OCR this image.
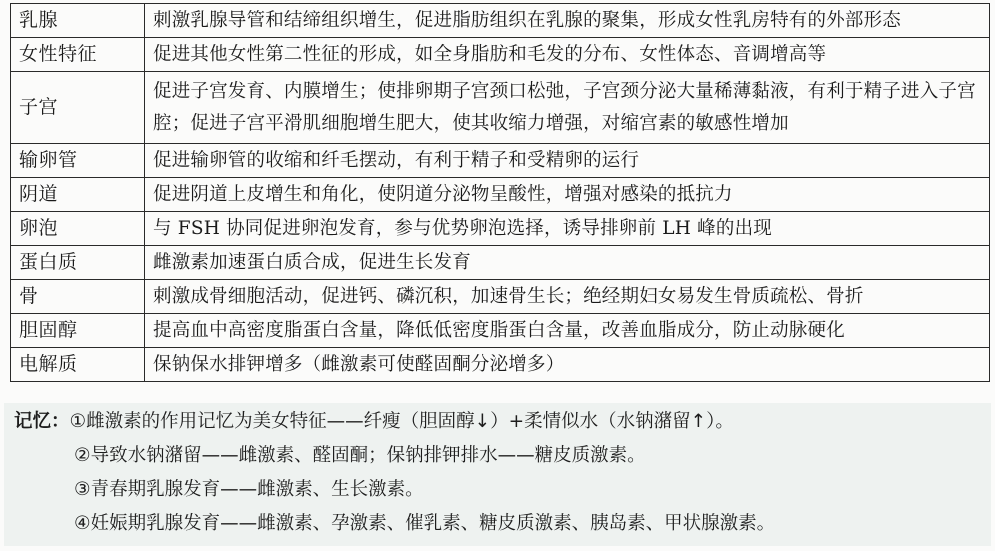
乳腺	刺激乳腺导管和结缔组织增生，促进脂肪组织在乳腺的聚集，形成女性乳房特有的外部形态
女性特征	促进其他女性第二性征的形成，如全身脂肪和毛发的分布、女性体态、音调增高等
子宫	促进子宫发育、内膜增生；使排卵期子宫颈口松弛，子宫颈分泌大量稀薄黏液，有利于精子进入子宫腔；促进子宫平滑肌细胞增生肥大，使其收缩力增强，对缩宫素的敏感性增加
输卵管	促进输卵管的收缩和纤毛摆动，有利于精子和受精卵的运行
阴道	促进阴道上皮增生和角化，使阴道分泌物呈酸性，增强对感染的抵抗力
卵泡	与 FSH 协同促进卵泡发育，参与优势卵泡选择，诱导排卵前 LH 峰的出现
蛋白质	雌激素加速蛋白质合成，促进生长发育
骨	刺激成骨细胞活动，促进钙、磷沉积，加速骨生长；绝经期妇女易发生骨质疏松、骨折
胆固醇	提高血中高密度脂蛋白含量，降低低密度脂蛋白含量，改善血脂成分，防止动脉硬化
电解质	保钠保水排钾增多（雌激素可使醛固酮分泌增多）
记忆：①雌激素的作用记忆为美女特征——纤瘦（胆固醇↓）+柔情似水（水钠潴留↑）。
②导致水钠潴留——雌激素、醛固酮；保钠排钾排水——糖皮质激素。
③青春期乳腺发育——雌激素、生长激素。
④妊娠期乳腺发育——雌激素、孕激素、催乳素、糖皮质激素、胰岛素、甲状腺激素。
